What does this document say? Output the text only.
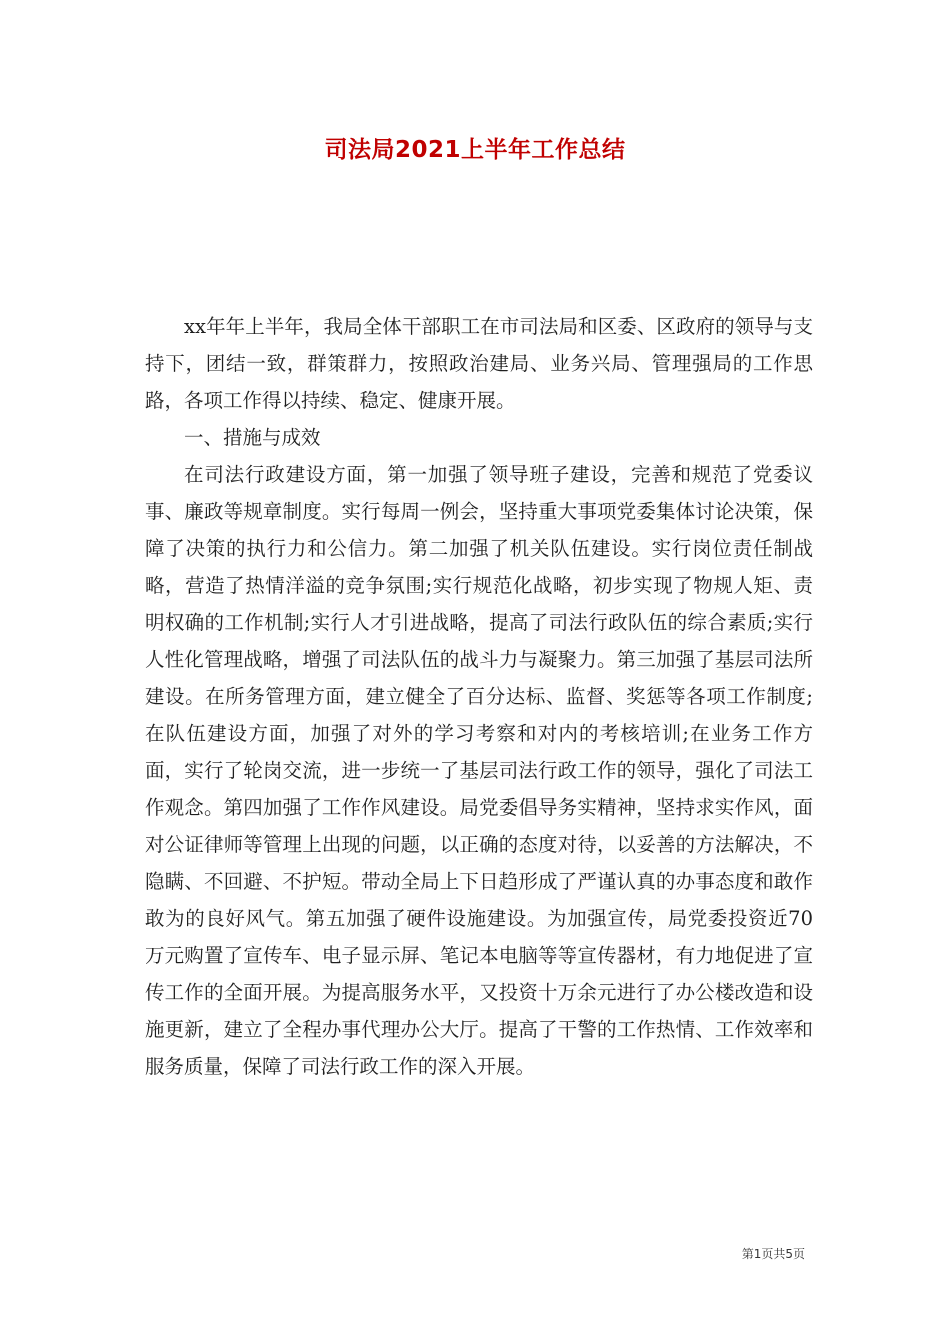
司法局2021上半年工作总结

xx年年上半年，我局全体干部职工在市司法局和区委、区政府的领导与支持下，团结一致，群策群力，按照政治建局、业务兴局、管理强局的工作思路，各项工作得以持续、稳定、健康开展。

一、措施与成效

在司法行政建设方面，第一加强了领导班子建设，完善和规范了党委议事、廉政等规章制度。实行每周一例会，坚持重大事项党委集体讨论决策，保障了决策的执行力和公信力。第二加强了机关队伍建设。实行岗位责任制战略，营造了热情洋溢的竞争氛围;实行规范化战略，初步实现了物规人矩、责明权确的工作机制;实行人才引进战略，提高了司法行政队伍的综合素质;实行人性化管理战略，增强了司法队伍的战斗力与凝聚力。第三加强了基层司法所建设。在所务管理方面，建立健全了百分达标、监督、奖惩等各项工作制度;在队伍建设方面，加强了对外的学习考察和对内的考核培训;在业务工作方面，实行了轮岗交流，进一步统一了基层司法行政工作的领导，强化了司法工作观念。第四加强了工作作风建设。局党委倡导务实精神，坚持求实作风，面对公证律师等管理上出现的问题，以正确的态度对待，以妥善的方法解决，不隐瞒、不回避、不护短。带动全局上下日趋形成了严谨认真的办事态度和敢作敢为的良好风气。第五加强了硬件设施建设。为加强宣传，局党委投资近70万元购置了宣传车、电子显示屏、笔记本电脑等等宣传器材，有力地促进了宣传工作的全面开展。为提高服务水平，又投资十万余元进行了办公楼改造和设施更新，建立了全程办事代理办公大厅。提高了干警的工作热情、工作效率和服务质量，保障了司法行政工作的深入开展。

第1页共5页
